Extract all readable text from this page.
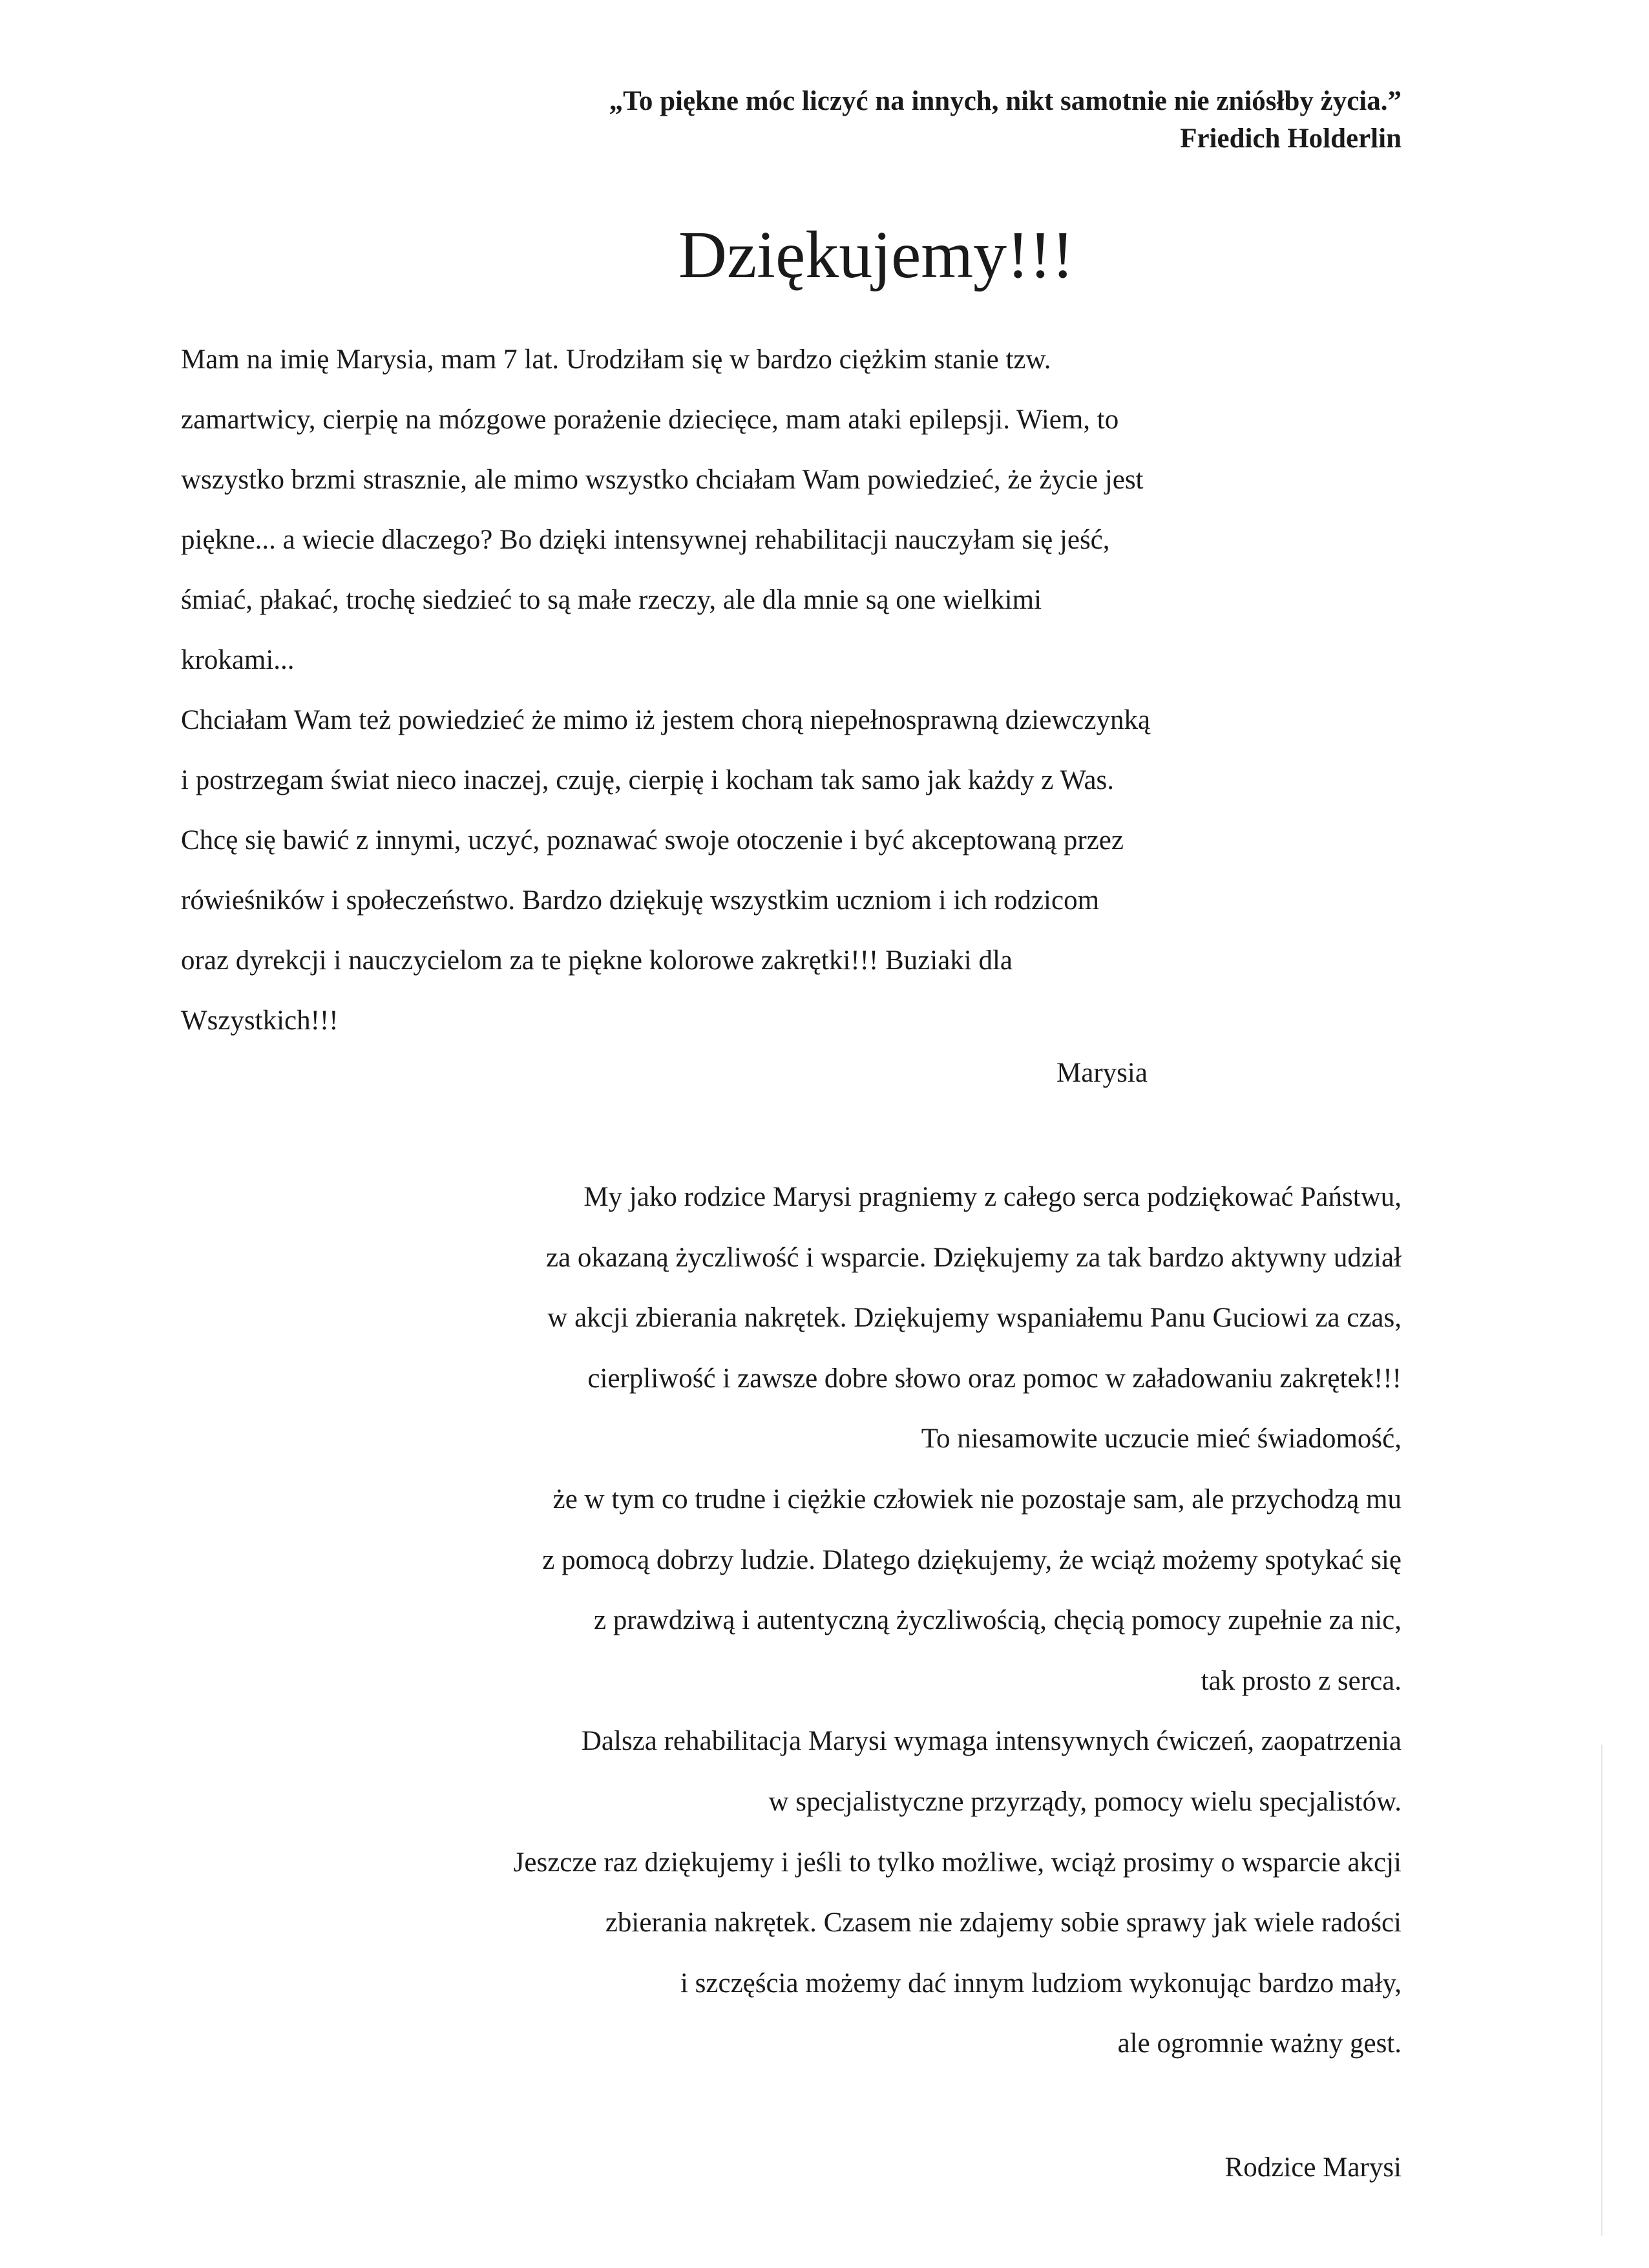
„To piękne móc liczyć na innych, nikt samotnie nie zniósłby życia.”
Friedich Holderlin
Dziękujemy!!!
Mam na imię Marysia, mam 7 lat. Urodziłam się w bardzo ciężkim stanie tzw.
zamartwicy, cierpię na mózgowe porażenie dziecięce, mam ataki epilepsji. Wiem, to
wszystko brzmi strasznie, ale mimo wszystko chciałam Wam powiedzieć, że życie jest
piękne... a wiecie dlaczego? Bo dzięki intensywnej rehabilitacji nauczyłam się jeść,
śmiać, płakać, trochę siedzieć to są małe rzeczy, ale dla mnie są one wielkimi
krokami...
Chciałam Wam też powiedzieć że mimo iż jestem chorą niepełnosprawną dziewczynką
i postrzegam świat nieco inaczej, czuję, cierpię i kocham tak samo jak każdy z Was.
Chcę się bawić z innymi, uczyć, poznawać swoje otoczenie i być akceptowaną przez
rówieśników i społeczeństwo. Bardzo dziękuję wszystkim uczniom i ich rodzicom
oraz dyrekcji i nauczycielom za te piękne kolorowe zakrętki!!! Buziaki dla
Wszystkich!!!
Marysia
My jako rodzice Marysi pragniemy z całego serca podziękować Państwu,
za okazaną życzliwość i wsparcie. Dziękujemy za tak bardzo aktywny udział
w akcji zbierania nakrętek. Dziękujemy wspaniałemu Panu Guciowi za czas,
cierpliwość i zawsze dobre słowo oraz pomoc w załadowaniu zakrętek!!!
To niesamowite uczucie mieć świadomość,
że w tym co trudne i ciężkie człowiek nie pozostaje sam, ale przychodzą mu
z pomocą dobrzy ludzie. Dlatego dziękujemy, że wciąż możemy spotykać się
z prawdziwą i autentyczną życzliwością, chęcią pomocy zupełnie za nic,
tak prosto z serca.
Dalsza rehabilitacja Marysi wymaga intensywnych ćwiczeń, zaopatrzenia
w specjalistyczne przyrządy, pomocy wielu specjalistów.
Jeszcze raz dziękujemy i jeśli to tylko możliwe, wciąż prosimy o wsparcie akcji
zbierania nakrętek. Czasem nie zdajemy sobie sprawy jak wiele radości
i szczęścia możemy dać innym ludziom wykonując bardzo mały,
ale ogromnie ważny gest.
Rodzice Marysi
